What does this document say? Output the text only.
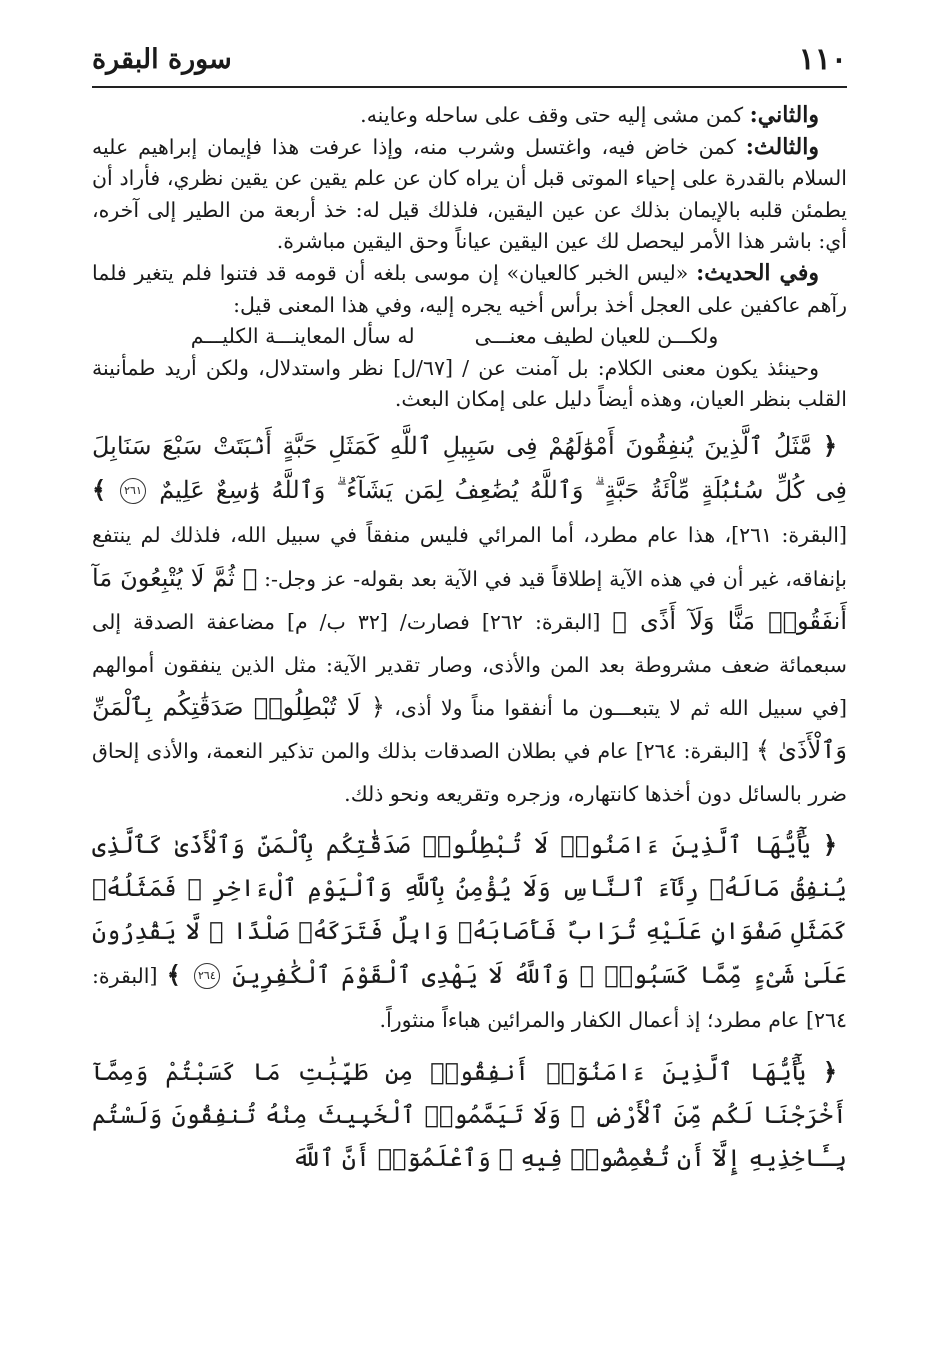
١١٠
سورة البقرة

والثاني: كمن مشى إليه حتى وقف على ساحله وعاينه.

والثالث: كمن خاض فيه، واغتسل وشرب منه، وإذا عرفت هذا فإيمان إبراهيم عليه السلام بالقدرة على إحياء الموتى قبل أن يراه كان عن علم يقين عن يقين نظري، فأراد أن يطمئن قلبه بالإيمان بذلك عن عين اليقين، فلذلك قيل له: خذ أربعة من الطير إلى آخره، أي: باشر هذا الأمر ليحصل لك عين اليقين عياناً وحق اليقين مباشرة.

وفي الحديث: «ليس الخبر كالعيان» إن موسى بلغه أن قومه قد فتنوا فلم يتغير فلما رآهم عاكفين على العجل أخذ برأس أخيه يجره إليه، وفي هذا المعنى قيل:

ولكـــن للعيان لطيف معنـــى
له سأل المعاينـــة الكليـــم

وحينئذ يكون معنى الكلام: بل آمنت عن / [٦٧/ل] نظر واستدلال، ولكن أريد طمأنينة القلب بنظر العيان، وهذه أيضاً دليل على إمكان البعث.

﴿ مَّثَلُ ٱلَّذِينَ يُنفِقُونَ أَمْوَٰلَهُمْ فِى سَبِيلِ ٱللَّهِ كَمَثَلِ حَبَّةٍ أَنۢبَتَتْ سَبْعَ سَنَابِلَ فِى كُلِّ سُنۢبُلَةٍ مِّاْئَةُ حَبَّةٍ ۗ وَٱللَّهُ يُضَٰعِفُ لِمَن يَشَآءُ ۗ وَٱللَّهُ وَٰسِعٌ عَلِيمٌ ٢٦١ ﴾ [البقرة: ٢٦١]، هذا عام مطرد، أما المرائي فليس منفقاً في سبيل الله، فلذلك لم ينتفع بإنفاقه، غير أن في هذه الآية إطلاقاً قيد في الآية بعد بقوله- عز وجل-: ﴿ ثُمَّ لَا يُتْبِعُونَ مَآ أَنفَقُوا۟ مَنًّا وَلَآ أَذًى ﴾ [البقرة: ٢٦٢] فصارت/ [٣٢ ب/ م] مضاعفة الصدقة إلى سبعمائة ضعف مشروطة بعد المن والأذى، وصار تقدير الآية: مثل الذين ينفقون أموالهم [في سبيل الله ثم لا يتبعـــون ما أنفقوا مناً ولا أذى، ﴿ لَا تُبْطِلُوا۟ صَدَقَٰتِكُم بِٱلْمَنِّ وَٱلْأَذَىٰ ﴾ [البقرة: ٢٦٤] عام في بطلان الصدقات بذلك والمن تذكير النعمة، والأذى إلحاق ضرر بالسائل دون أخذها كانتهاره، وزجره وتقريعه ونحو ذلك.

﴿ يَٰٓأَيُّهَا ٱلَّذِينَ ءَامَنُوا۟ لَا تُبْطِلُوا۟ صَدَقَٰتِكُم بِٱلْمَنِّ وَٱلْأَذَىٰ كَٱلَّذِى يُنفِقُ مَالَهُۥ رِئَآءَ ٱلنَّاسِ وَلَا يُؤْمِنُ بِٱللَّهِ وَٱلْيَوْمِ ٱلْءَاخِرِ ۖ فَمَثَلُهُۥ كَمَثَلِ صَفْوَانٍ عَلَيْهِ تُرَابٌ فَأَصَابَهُۥ وَابِلٌ فَتَرَكَهُۥ صَلْدًا ۖ لَّا يَقْدِرُونَ عَلَىٰ شَىْءٍ مِّمَّا كَسَبُوا۟ ۗ وَٱللَّهُ لَا يَهْدِى ٱلْقَوْمَ ٱلْكَٰفِرِينَ ٢٦٤ ﴾ [البقرة: ٢٦٤] عام مطرد؛ إذ أعمال الكفار والمرائين هباءاً منثوراً.

﴿ يَٰٓأَيُّهَا ٱلَّذِينَ ءَامَنُوٓا۟ أَنفِقُوا۟ مِن طَيِّبَٰتِ مَا كَسَبْتُمْ وَمِمَّآ أَخْرَجْنَا لَكُم مِّنَ ٱلْأَرْضِ ۖ وَلَا تَيَمَّمُوا۟ ٱلْخَبِيثَ مِنْهُ تُنفِقُونَ وَلَسْتُم بِـَٔاخِذِيهِ إِلَّآ أَن تُغْمِضُوا۟ فِيهِ ۚ وَٱعْلَمُوٓا۟ أَنَّ ٱللَّهَ
